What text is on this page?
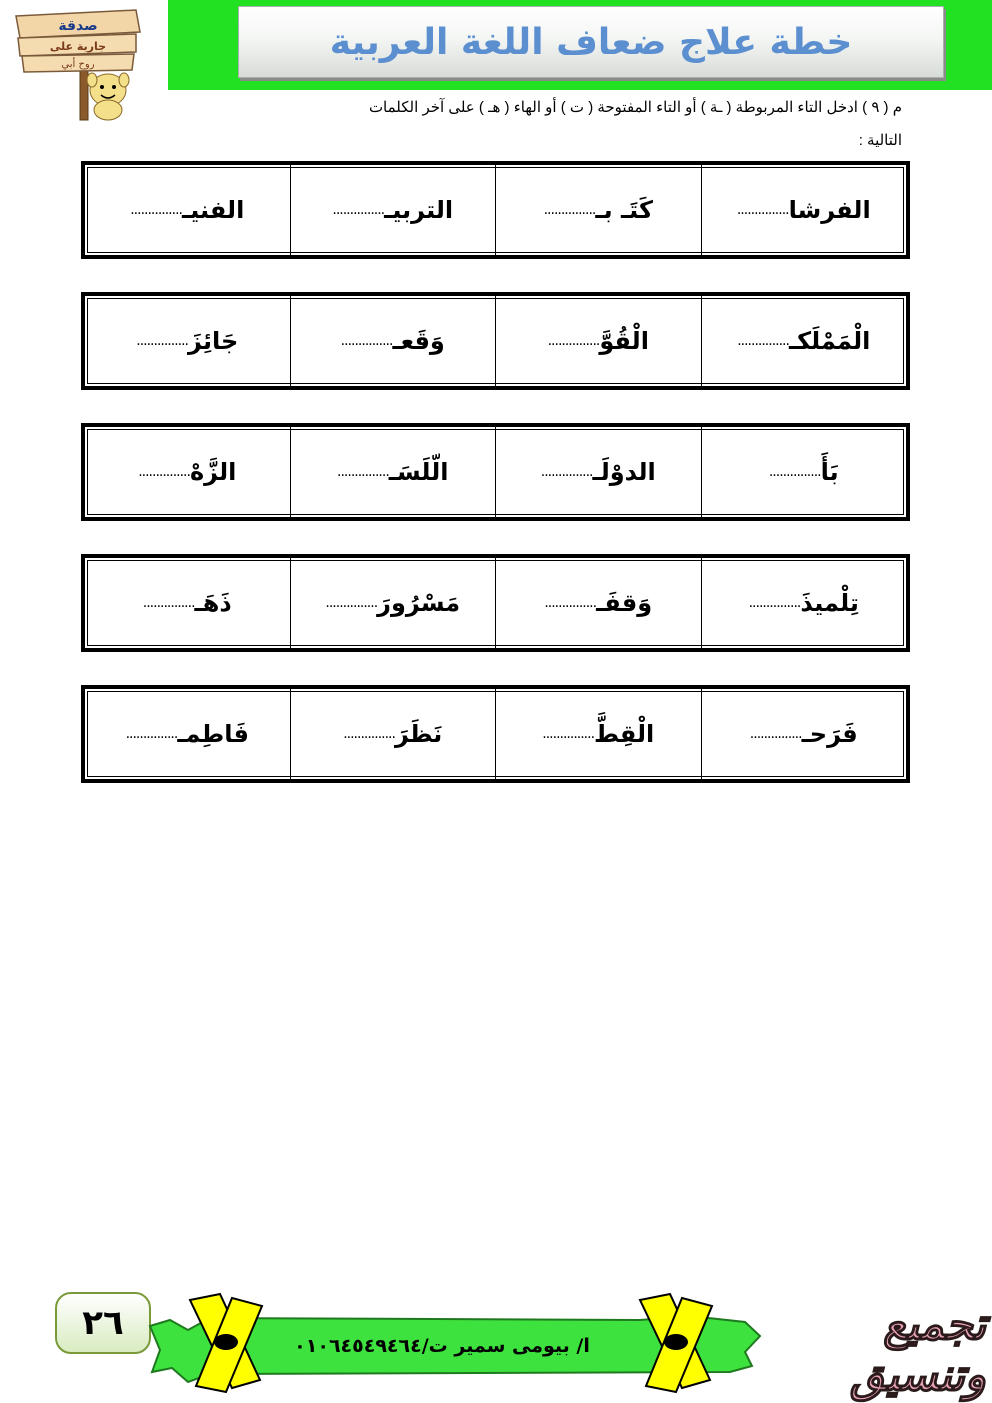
خطة علاج ضعاف اللغة العربية
صدقة
جارية على
روح أبي
م ( ٩ ) ادخل التاء المربوطة ( ـة ) أو التاء المفتوحة ( ت ) أو الهاء ( هـ ) على آخر الكلمات
التالية :
الفرشا
...............
كَتَـ بـ
...............
التربيـ
...............
الفنيـ
...............
الْمَمْلَكـ
...............
الْقُوَّ
...............
وَقَعـ
...............
جَائِزَ
...............
بَأَ
...............
الدوْلَـ
...............
الّلَسَـ
...............
الزَّهْ
...............
تِلْميذَ
...............
وَقفَـ
...............
مَسْرُورَ
...............
ذَهَـ
...............
فَرَحـ
...............
الْقِطَّ
...............
نَظَرَ
...............
فَاطِمـ
...............
٢٦
ا/ بيومى سمير ت/٠١٠٦٤٥٤٩٤٦٤	تجميع وتنسيق
